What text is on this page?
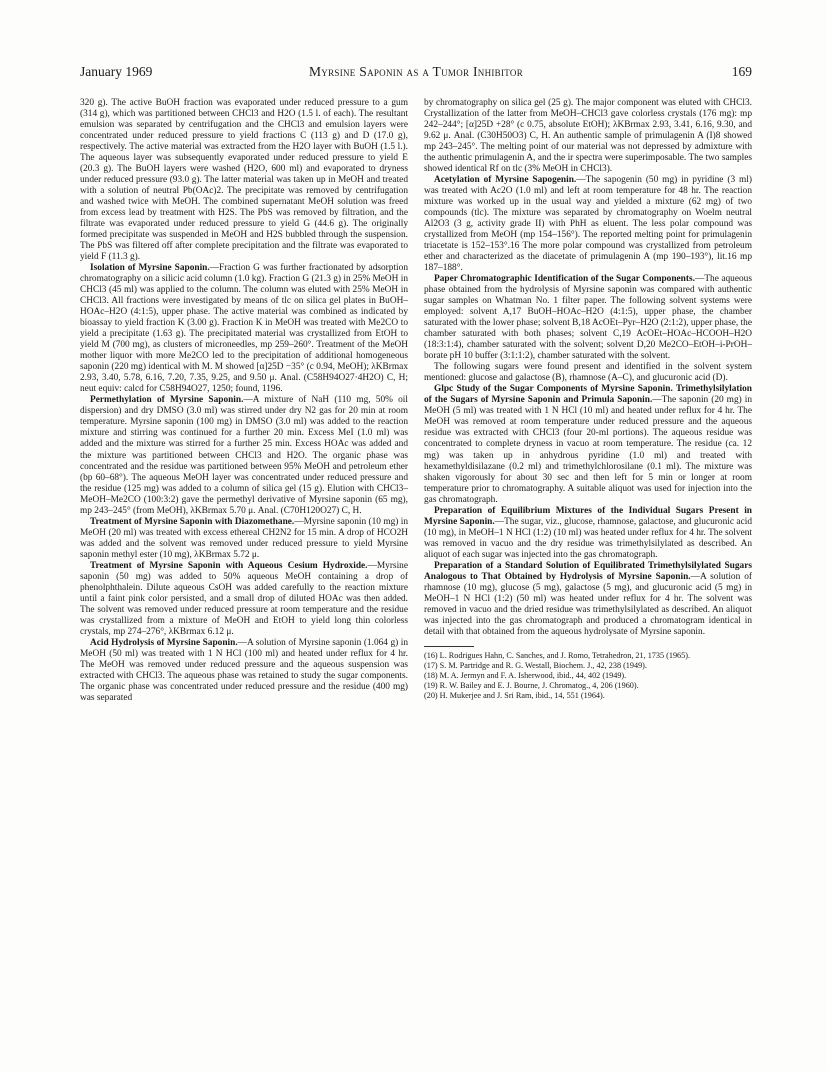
January 1969	Myrsine Saponin as a Tumor Inhibitor	169

320 g). The active BuOH fraction was evaporated under reduced pressure to a gum (314 g), which was partitioned between CHCl3 and H2O (1.5 l. of each). The resultant emulsion was separated by centrifugation and the CHCl3 and emulsion layers were concentrated under reduced pressure to yield fractions C (113 g) and D (17.0 g), respectively. The active material was extracted from the H2O layer with BuOH (1.5 l.). The aqueous layer was subsequently evaporated under reduced pressure to yield E (20.3 g). The BuOH layers were washed (H2O, 600 ml) and evaporated to dryness under reduced pressure (93.0 g). The latter material was taken up in MeOH and treated with a solution of neutral Pb(OAc)2. The precipitate was removed by centrifugation and washed twice with MeOH. The combined supernatant MeOH solution was freed from excess lead by treatment with H2S. The PbS was removed by filtration, and the filtrate was evaporated under reduced pressure to yield G (44.6 g). The originally formed precipitate was suspended in MeOH and H2S bubbled through the suspension. The PbS was filtered off after complete precipitation and the filtrate was evaporated to yield F (11.3 g).

Isolation of Myrsine Saponin.—Fraction G was further fractionated by adsorption chromatography on a silicic acid column (1.0 kg). Fraction G (21.3 g) in 25% MeOH in CHCl3 (45 ml) was applied to the column. The column was eluted with 25% MeOH in CHCl3. All fractions were investigated by means of tlc on silica gel plates in BuOH–HOAc–H2O (4:1:5), upper phase. The active material was combined as indicated by bioassay to yield fraction K (3.00 g). Fraction K in MeOH was treated with Me2CO to yield a precipitate (1.63 g). The precipitated material was crystallized from EtOH to yield M (700 mg), as clusters of microneedles, mp 259–260°. Treatment of the MeOH mother liquor with more Me2CO led to the precipitation of additional homogeneous saponin (220 mg) identical with M. M showed [α]25D −35° (c 0.94, MeOH); λKBrmax 2.93, 3.40, 5.78, 6.16, 7.20, 7.35, 9.25, and 9.50 μ. Anal. (C58H94O27·4H2O) C, H; neut equiv: calcd for C58H94O27, 1250; found, 1196.

Permethylation of Myrsine Saponin.—A mixture of NaH (110 mg, 50% oil dispersion) and dry DMSO (3.0 ml) was stirred under dry N2 gas for 20 min at room temperature. Myrsine saponin (100 mg) in DMSO (3.0 ml) was added to the reaction mixture and stirring was continued for a further 20 min. Excess MeI (1.0 ml) was added and the mixture was stirred for a further 25 min. Excess HOAc was added and the mixture was partitioned between CHCl3 and H2O. The organic phase was concentrated and the residue was partitioned between 95% MeOH and petroleum ether (bp 60–68°). The aqueous MeOH layer was concentrated under reduced pressure and the residue (125 mg) was added to a column of silica gel (15 g). Elution with CHCl3–MeOH–Me2CO (100:3:2) gave the permethyl derivative of Myrsine saponin (65 mg), mp 243–245° (from MeOH), λKBrmax 5.70 μ. Anal. (C70H120O27) C, H.

Treatment of Myrsine Saponin with Diazomethane.—Myrsine saponin (10 mg) in MeOH (20 ml) was treated with excess ethereal CH2N2 for 15 min. A drop of HCO2H was added and the solvent was removed under reduced pressure to yield Myrsine saponin methyl ester (10 mg), λKBrmax 5.72 μ.

Treatment of Myrsine Saponin with Aqueous Cesium Hydroxide.—Myrsine saponin (50 mg) was added to 50% aqueous MeOH containing a drop of phenolphthalein. Dilute aqueous CsOH was added carefully to the reaction mixture until a faint pink color persisted, and a small drop of diluted HOAc was then added. The solvent was removed under reduced pressure at room temperature and the residue was crystallized from a mixture of MeOH and EtOH to yield long thin colorless crystals, mp 274–276°, λKBrmax 6.12 μ.

Acid Hydrolysis of Myrsine Saponin.—A solution of Myrsine saponin (1.064 g) in MeOH (50 ml) was treated with 1 N HCl (100 ml) and heated under reflux for 4 hr. The MeOH was removed under reduced pressure and the aqueous suspension was extracted with CHCl3. The aqueous phase was retained to study the sugar components. The organic phase was concentrated under reduced pressure and the residue (400 mg) was separated

by chromatography on silica gel (25 g). The major component was eluted with CHCl3. Crystallization of the latter from MeOH–CHCl3 gave colorless crystals (176 mg): mp 242–244°; [α]25D +28° (c 0.75, absolute EtOH); λKBrmax 2.93, 3.41, 6.16, 9.30, and 9.62 μ. Anal. (C30H50O3) C, H. An authentic sample of primulagenin A (I)8 showed mp 243–245°. The melting point of our material was not depressed by admixture with the authentic primulagenin A, and the ir spectra were superimposable. The two samples showed identical Rf on tlc (3% MeOH in CHCl3).

Acetylation of Myrsine Sapogenin.—The sapogenin (50 mg) in pyridine (3 ml) was treated with Ac2O (1.0 ml) and left at room temperature for 48 hr. The reaction mixture was worked up in the usual way and yielded a mixture (62 mg) of two compounds (tlc). The mixture was separated by chromatography on Woelm neutral Al2O3 (3 g, activity grade II) with PhH as eluent. The less polar compound was crystallized from MeOH (mp 154–156°). The reported melting point for primulagenin triacetate is 152–153°.16 The more polar compound was crystallized from petroleum ether and characterized as the diacetate of primulagenin A (mp 190–193°), lit.16 mp 187–188°.

Paper Chromatographic Identification of the Sugar Components.—The aqueous phase obtained from the hydrolysis of Myrsine saponin was compared with authentic sugar samples on Whatman No. 1 filter paper. The following solvent systems were employed: solvent A,17 BuOH–HOAc–H2O (4:1:5), upper phase, the chamber saturated with the lower phase; solvent B,18 AcOEt–Pyr–H2O (2:1:2), upper phase, the chamber saturated with both phases; solvent C,19 AcOEt–HOAc–HCOOH–H2O (18:3:1:4), chamber saturated with the solvent; solvent D,20 Me2CO–EtOH–i-PrOH–borate pH 10 buffer (3:1:1:2), chamber saturated with the solvent.

The following sugars were found present and identified in the solvent system mentioned: glucose and galactose (B), rhamnose (A–C), and glucuronic acid (D).

Glpc Study of the Sugar Components of Myrsine Saponin. Trimethylsilylation of the Sugars of Myrsine Saponin and Primula Saponin.—The saponin (20 mg) in MeOH (5 ml) was treated with 1 N HCl (10 ml) and heated under reflux for 4 hr. The MeOH was removed at room temperature under reduced pressure and the aqueous residue was extracted with CHCl3 (four 20-ml portions). The aqueous residue was concentrated to complete dryness in vacuo at room temperature. The residue (ca. 12 mg) was taken up in anhydrous pyridine (1.0 ml) and treated with hexamethyldisilazane (0.2 ml) and trimethylchlorosilane (0.1 ml). The mixture was shaken vigorously for about 30 sec and then left for 5 min or longer at room temperature prior to chromatography. A suitable aliquot was used for injection into the gas chromatograph.

Preparation of Equilibrium Mixtures of the Individual Sugars Present in Myrsine Saponin.—The sugar, viz., glucose, rhamnose, galactose, and glucuronic acid (10 mg), in MeOH–1 N HCl (1:2) (10 ml) was heated under reflux for 4 hr. The solvent was removed in vacuo and the dry residue was trimethylsilylated as described. An aliquot of each sugar was injected into the gas chromatograph.

Preparation of a Standard Solution of Equilibrated Trimethylsilylated Sugars Analogous to That Obtained by Hydrolysis of Myrsine Saponin.—A solution of rhamnose (10 mg), glucose (5 mg), galactose (5 mg), and glucuronic acid (5 mg) in MeOH–1 N HCl (1:2) (50 ml) was heated under reflux for 4 hr. The solvent was removed in vacuo and the dried residue was trimethylsilylated as described. An aliquot was injected into the gas chromatograph and produced a chromatogram identical in detail with that obtained from the aqueous hydrolysate of Myrsine saponin.

(16) L. Rodrigues Hahn, C. Sanches, and J. Romo, Tetrahedron, 21, 1735 (1965).

(17) S. M. Partridge and R. G. Westall, Biochem. J., 42, 238 (1949).

(18) M. A. Jermyn and F. A. Isherwood, ibid., 44, 402 (1949).

(19) R. W. Bailey and E. J. Bourne, J. Chromatog., 4, 206 (1960).

(20) H. Mukerjee and J. Sri Ram, ibid., 14, 551 (1964).
